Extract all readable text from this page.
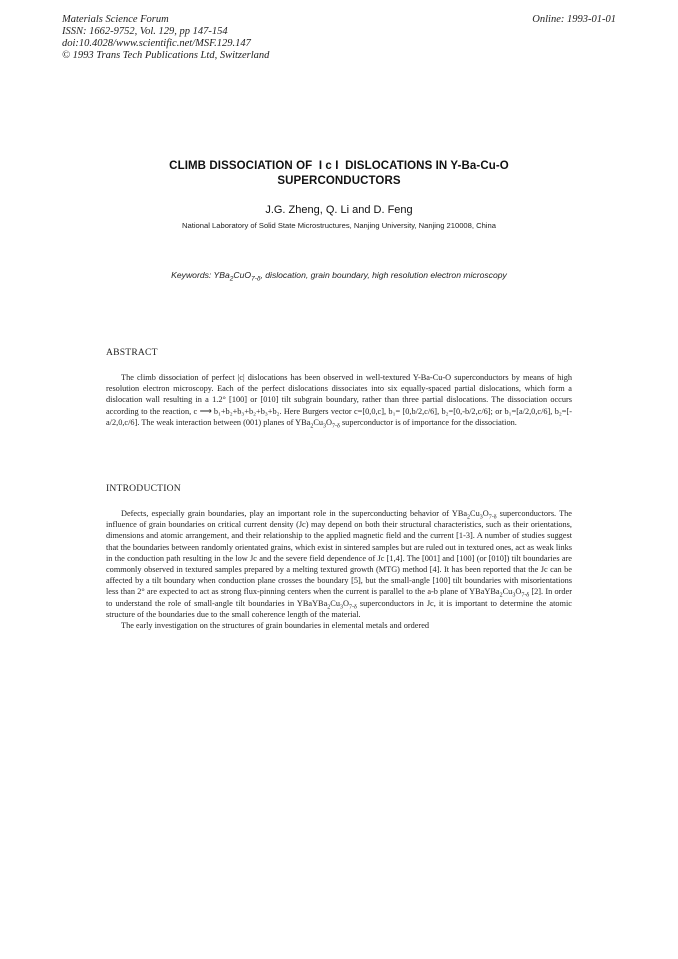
Materials Science Forum
ISSN: 1662-9752, Vol. 129, pp 147-154
doi:10.4028/www.scientific.net/MSF.129.147
© 1993 Trans Tech Publications Ltd, Switzerland
Online: 1993-01-01
CLIMB DISSOCIATION OF  I c I  DISLOCATIONS IN Y-Ba-Cu-O
SUPERCONDUCTORS
J.G. Zheng, Q. Li and D. Feng
National Laboratory of Solid State Microstructures, Nanjing University, Nanjing 210008, China
Keywords: YBa$_2$CuO$_{7-\delta}$, dislocation, grain boundary, high resolution electron microscopy
ABSTRACT

The climb dissociation of perfect |c| dislocations has been observed in well-textured Y-Ba-Cu-O superconductors by means of high resolution electron microscopy. Each of the perfect dislocations dissociates into six equally-spaced partial dislocations, which form a dislocation wall resulting in a 1.2° [100] or [010] tilt subgrain boundary, rather than three partial dislocations. The dissociation occurs according to the reaction, c ⟶ b₁+b₂+b₃+b₂+b₃+b₂. Here Burgers vector c=[0,0,c], b₁= [0,b/2,c/6], b₂=[0,-b/2,c/6]; or b₁=[a/2,0,c/6], b₂=[-a/2,0,c/6]. The weak interaction between (001) planes of $YBa_2Cu_3O_{7-\delta}$ superconductor is of importance for the dissociation.

INTRODUCTION

Defects, especially grain boundaries, play an important role in the superconducting behavior of $YBa_2Cu_3O_{7-\delta}$ superconductors. The influence of grain boundaries on critical current density (Jc) may depend on both their structural characteristics, such as their orientations, dimensions and atomic arrangement, and their relationship to the applied magnetic field and the current [1-3]. A number of studies suggest that the boundaries between randomly orientated grains, which exist in sintered samples but are ruled out in textured ones, act as weak links in the conduction path resulting in the low Jc and the severe field dependence of Jc [1,4]. The [001] and [100] (or [010]) tilt boundaries are commonly observed in textured samples prepared by a melting textured growth (MTG) method [4]. It has been reported that the Jc can be affected by a tilt boundary when conduction plane crosses the boundary [5], but the small-angle [100] tilt boundaries with misorientations less than 2° are expected to act as strong flux-pinning centers when the current is parallel to the a-b plane of $YBaYBa_2Cu_3O_{7-\delta}$ [2]. In order to understand the role of small-angle tilt boundaries in $YBaYBa_2Cu_3O_{7-\delta}$ superconductors in Jc, it is important to determine the atomic structure of the boundaries due to the small coherence length of the material.

The early investigation on the structures of grain boundaries in elemental metals and ordered
